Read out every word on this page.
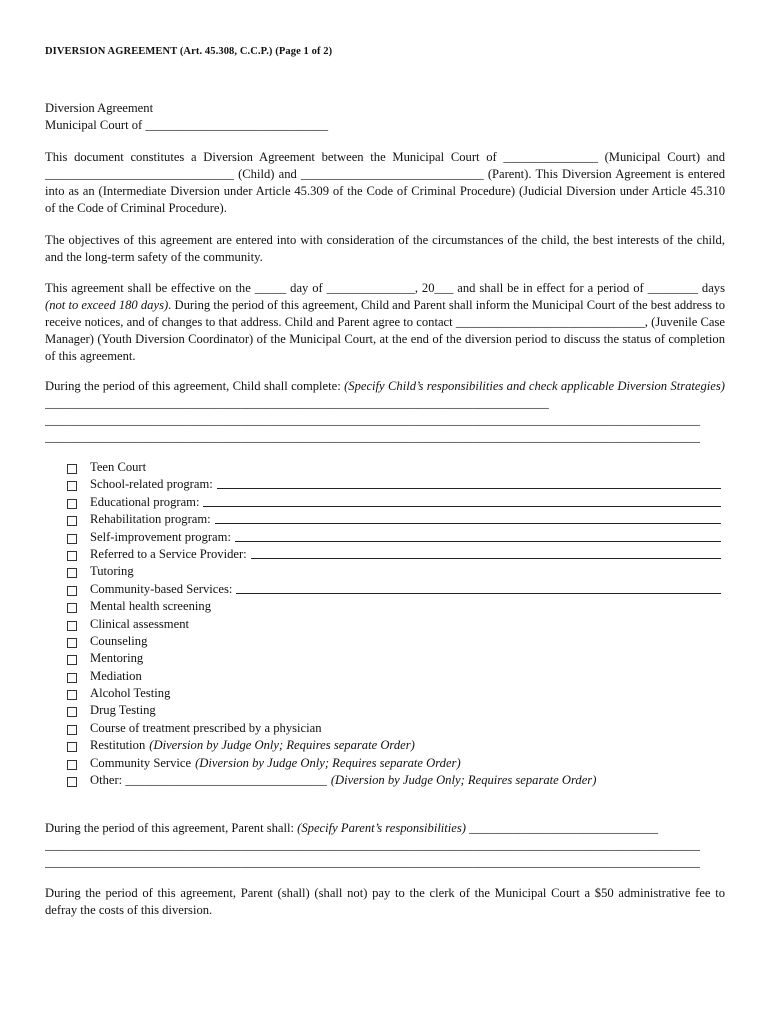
DIVERSION AGREEMENT (Art. 45.308, C.C.P.) (Page 1 of 2)
Diversion Agreement
Municipal Court of _____________________________
This document constitutes a Diversion Agreement between the Municipal Court of _______________ (Municipal Court) and ______________________________ (Child) and _____________________________ (Parent). This Diversion Agreement is entered into as an (Intermediate Diversion under Article 45.309 of the Code of Criminal Procedure) (Judicial Diversion under Article 45.310 of the Code of Criminal Procedure).
The objectives of this agreement are entered into with consideration of the circumstances of the child, the best interests of the child, and the long-term safety of the community.
This agreement shall be effective on the _____ day of ______________, 20___ and shall be in effect for a period of ________ days (not to exceed 180 days). During the period of this agreement, Child and Parent shall inform the Municipal Court of the best address to receive notices, and of changes to that address. Child and Parent agree to contact ______________________________, (Juvenile Case Manager) (Youth Diversion Coordinator) of the Municipal Court, at the end of the diversion period to discuss the status of completion of this agreement.
During the period of this agreement, Child shall complete: (Specify Child’s responsibilities and check applicable Diversion Strategies) ________________________________________________________________________________
________________________________________________________________________________________________________
________________________________________________________________________________________________________
Teen Court
School-related program:
Educational program:
Rehabilitation program:
Self-improvement program:
Referred to a Service Provider:
Tutoring
Community-based Services:
Mental health screening
Clinical assessment
Counseling
Mentoring
Mediation
Alcohol Testing
Drug Testing
Course of treatment prescribed by a physician
Restitution (Diversion by Judge Only; Requires separate Order)
Community Service (Diversion by Judge Only; Requires separate Order)
Other: ________________________________ (Diversion by Judge Only; Requires separate Order)
During the period of this agreement, Parent shall: (Specify Parent’s responsibilities) ______________________________
________________________________________________________________________________________________________
________________________________________________________________________________________________________
During the period of this agreement, Parent (shall) (shall not) pay to the clerk of the Municipal Court a $50 administrative fee to defray the costs of this diversion.
